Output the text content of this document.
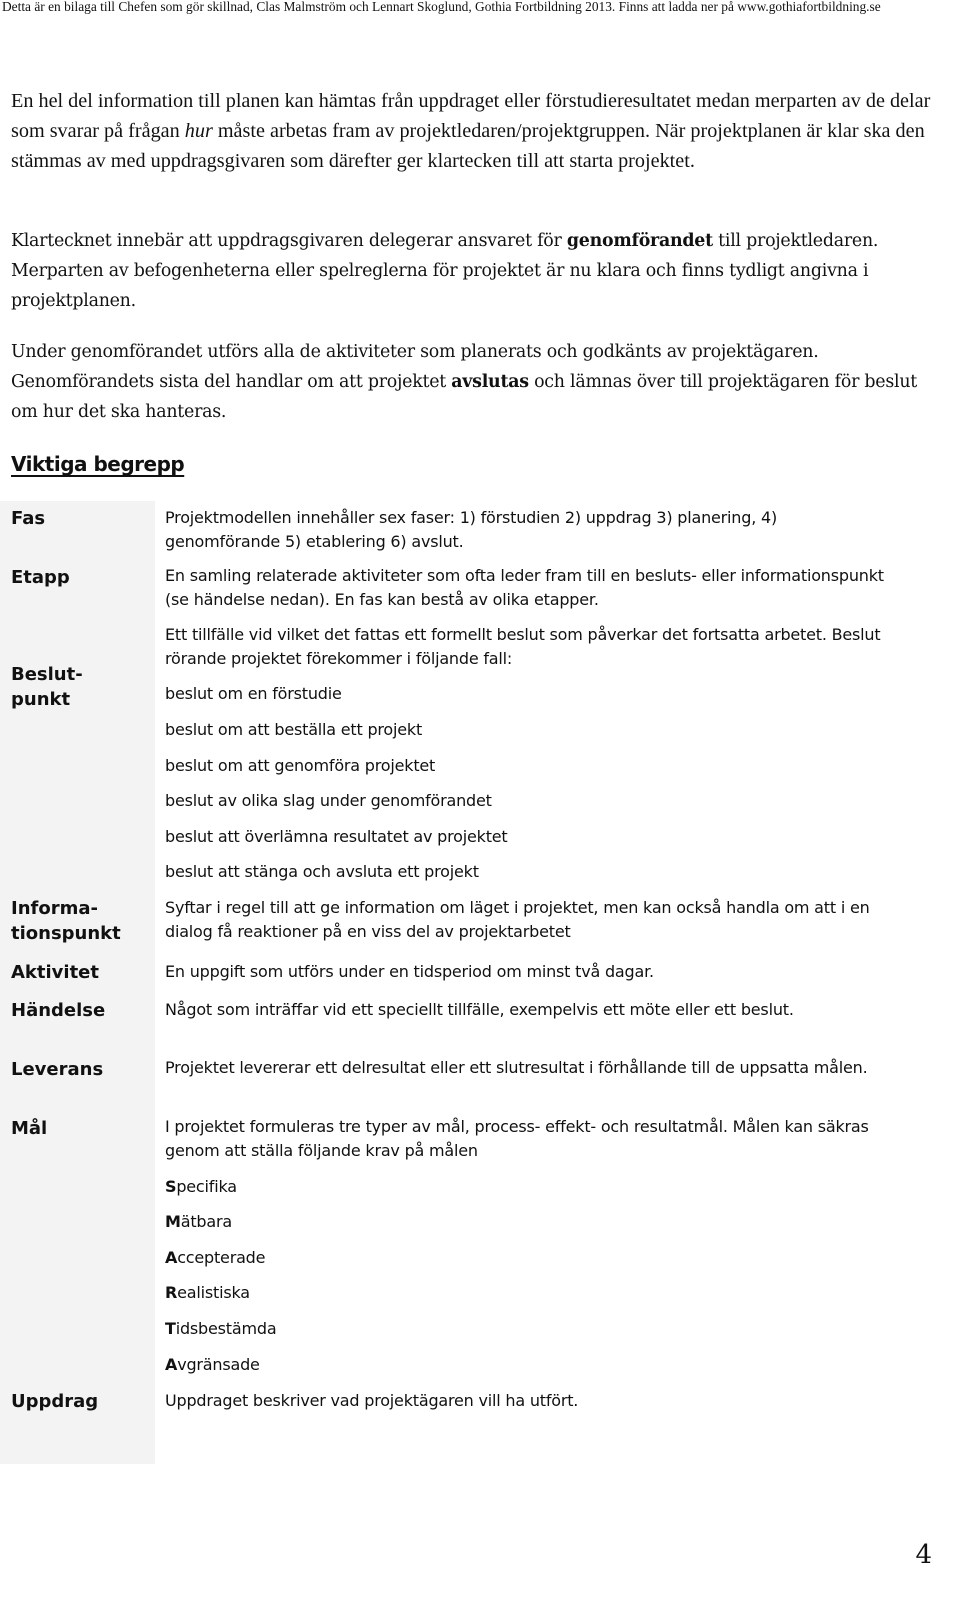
Detta är en bilaga till Chefen som gör skillnad, Clas Malmström och Lennart Skoglund, Gothia Fortbildning 2013. Finns att ladda ner på www.gothiafortbildning.se

En hel del information till planen kan hämtas från uppdraget eller förstudieresultatet medan merparten av de delar som svarar på frågan hur måste arbetas fram av projektledaren/projektgruppen. När projektplanen är klar ska den stämmas av med uppdragsgivaren som därefter ger klartecken till att starta projektet.

Klartecknet innebär att uppdragsgivaren delegerar ansvaret för genomförandet till projektledaren. Merparten av befogenheterna eller spelreglerna för projektet är nu klara och finns tydligt angivna i projektplanen.

Under genomförandet utförs alla de aktiviteter som planerats och godkänts av projektägaren. Genomförandets sista del handlar om att projektet avslutas och lämnas över till projektägaren för beslut om hur det ska hanteras.

Viktiga begrepp
Fas
Etapp
Beslut-
punkt
Informa-
tionspunkt
Aktivitet
Händelse
Leverans
Mål
Uppdrag
Projektmodellen innehåller sex faser: 1) förstudien 2) uppdrag 3) planering, 4) genomförande 5) etablering 6) avslut.
En samling relaterade aktiviteter som ofta leder fram till en besluts- eller informationspunkt (se händelse nedan). En fas kan bestå av olika etapper.
Ett tillfälle vid vilket det fattas ett formellt beslut som påverkar det fortsatta arbetet. Beslut rörande projektet förekommer i följande fall:
beslut om en förstudie
beslut om att beställa ett projekt
beslut om att genomföra projektet
beslut av olika slag under genomförandet
beslut att överlämna resultatet av projektet
beslut att stänga och avsluta ett projekt
Syftar i regel till att ge information om läget i projektet, men kan också handla om att i en dialog få reaktioner på en viss del av projektarbetet
En uppgift som utförs under en tidsperiod om minst två dagar.
Något som inträffar vid ett speciellt tillfälle, exempelvis ett möte eller ett beslut.
Projektet levererar ett delresultat eller ett slutresultat i förhållande till de uppsatta målen.
I projektet formuleras tre typer av mål, process- effekt- och resultatmål. Målen kan säkras genom att ställa följande krav på målen
Specifika
Mätbara
Accepterade
Realistiska
Tidsbestämda
Avgränsade
Uppdraget beskriver vad projektägaren vill ha utfört.
4
